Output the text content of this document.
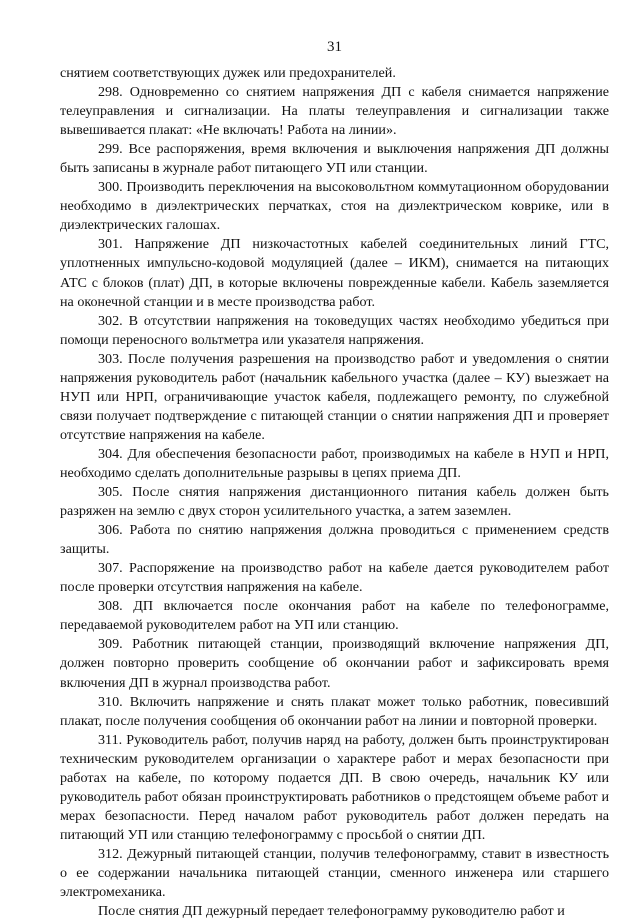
31

снятием соответствующих дужек или предохранителей.

298. Одновременно со снятием напряжения ДП с кабеля снимается напряжение телеуправления и сигнализации. На платы телеуправления и сигнализации также вывешивается плакат: «Не включать! Работа на линии».

299. Все распоряжения, время включения и выключения напряжения ДП должны быть записаны в журнале работ питающего УП или станции.

300. Производить переключения на высоковольтном коммутационном оборудовании необходимо в диэлектрических перчатках, стоя на диэлектрическом коврике, или в диэлектрических галошах.

301. Напряжение ДП низкочастотных кабелей соединительных линий ГТС, уплотненных импульсно-кодовой модуляцией (далее – ИКМ), снимается на питающих АТС с блоков (плат) ДП, в которые включены поврежденные кабели. Кабель заземляется на оконечной станции и в месте производства работ.

302. В отсутствии напряжения на токоведущих частях необходимо убедиться при помощи переносного вольтметра или указателя напряжения.

303. После получения разрешения на производство работ и уведомления о снятии напряжения руководитель работ (начальник кабельного участка (далее – КУ) выезжает на НУП или НРП, ограничивающие участок кабеля, подлежащего ремонту, по служебной связи получает подтверждение с питающей станции о снятии напряжения ДП и проверяет отсутствие напряжения на кабеле.

304. Для обеспечения безопасности работ, производимых на кабеле в НУП и НРП, необходимо сделать дополнительные разрывы в цепях приема ДП.

305. После снятия напряжения дистанционного питания кабель должен быть разряжен на землю с двух сторон усилительного участка, а затем заземлен.

306. Работа по снятию напряжения должна проводиться с применением средств защиты.

307. Распоряжение на производство работ на кабеле дается руководителем работ после проверки отсутствия напряжения на кабеле.

308. ДП включается после окончания работ на кабеле по телефонограмме, передаваемой руководителем работ на УП или станцию.

309. Работник питающей станции, производящий включение напряжения ДП, должен повторно проверить сообщение об окончании работ и зафиксировать время включения ДП в журнал производства работ.

310. Включить напряжение и снять плакат может только работник, повесивший плакат, после получения сообщения об окончании работ на линии и повторной проверки.

311. Руководитель работ, получив наряд на работу, должен быть проинструктирован техническим руководителем организации о характере работ и мерах безопасности при работах на кабеле, по которому подается ДП. В свою очередь, начальник КУ или руководитель работ обязан проинструктировать работников о предстоящем объеме работ и мерах безопасности. Перед началом работ руководитель работ должен передать на питающий УП или станцию телефонограмму с просьбой о снятии ДП.

312. Дежурный питающей станции, получив телефонограмму, ставит в известность о ее содержании начальника питающей станции, сменного инженера или старшего электромеханика.

После снятия ДП дежурный передает телефонограмму руководителю работ и
